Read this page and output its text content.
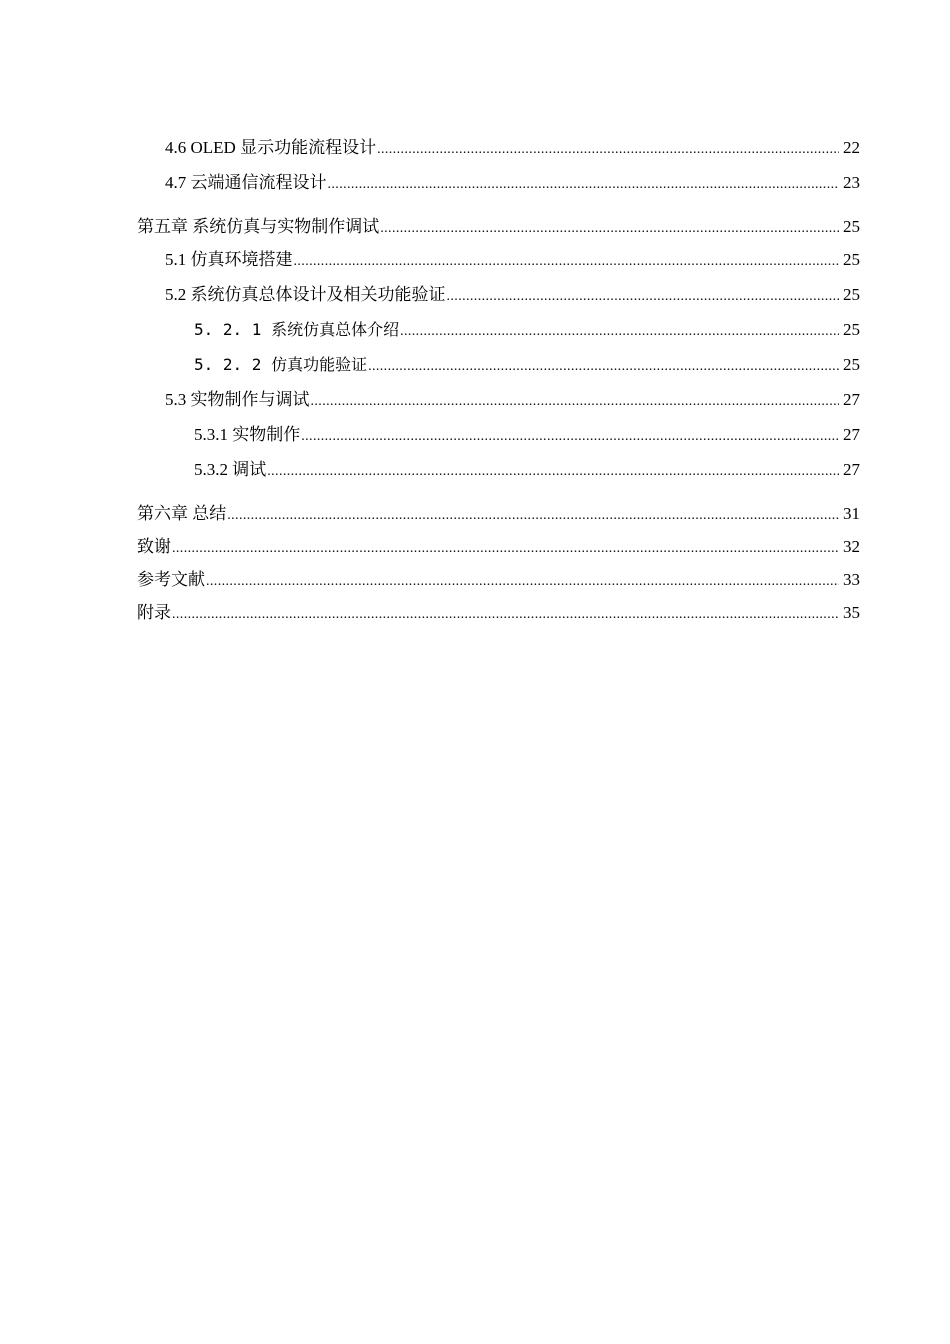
4.6 OLED 显示功能流程设计 .....	22
4.7 云端通信流程设计 .....	23
第五章 系统仿真与实物制作调试 .....	25
5.1 仿真环境搭建 .....	25
5.2 系统仿真总体设计及相关功能验证 .....	25
5. 2. 1 系统仿真总体介绍 .....	25
5. 2. 2 仿真功能验证 .....	25
5.3 实物制作与调试 .....	27
5.3.1 实物制作 .....	27
5.3.2 调试 .....	27
第六章 总结 .....	31
致谢 .....	32
参考文献 .....	33
附录 .....	35
